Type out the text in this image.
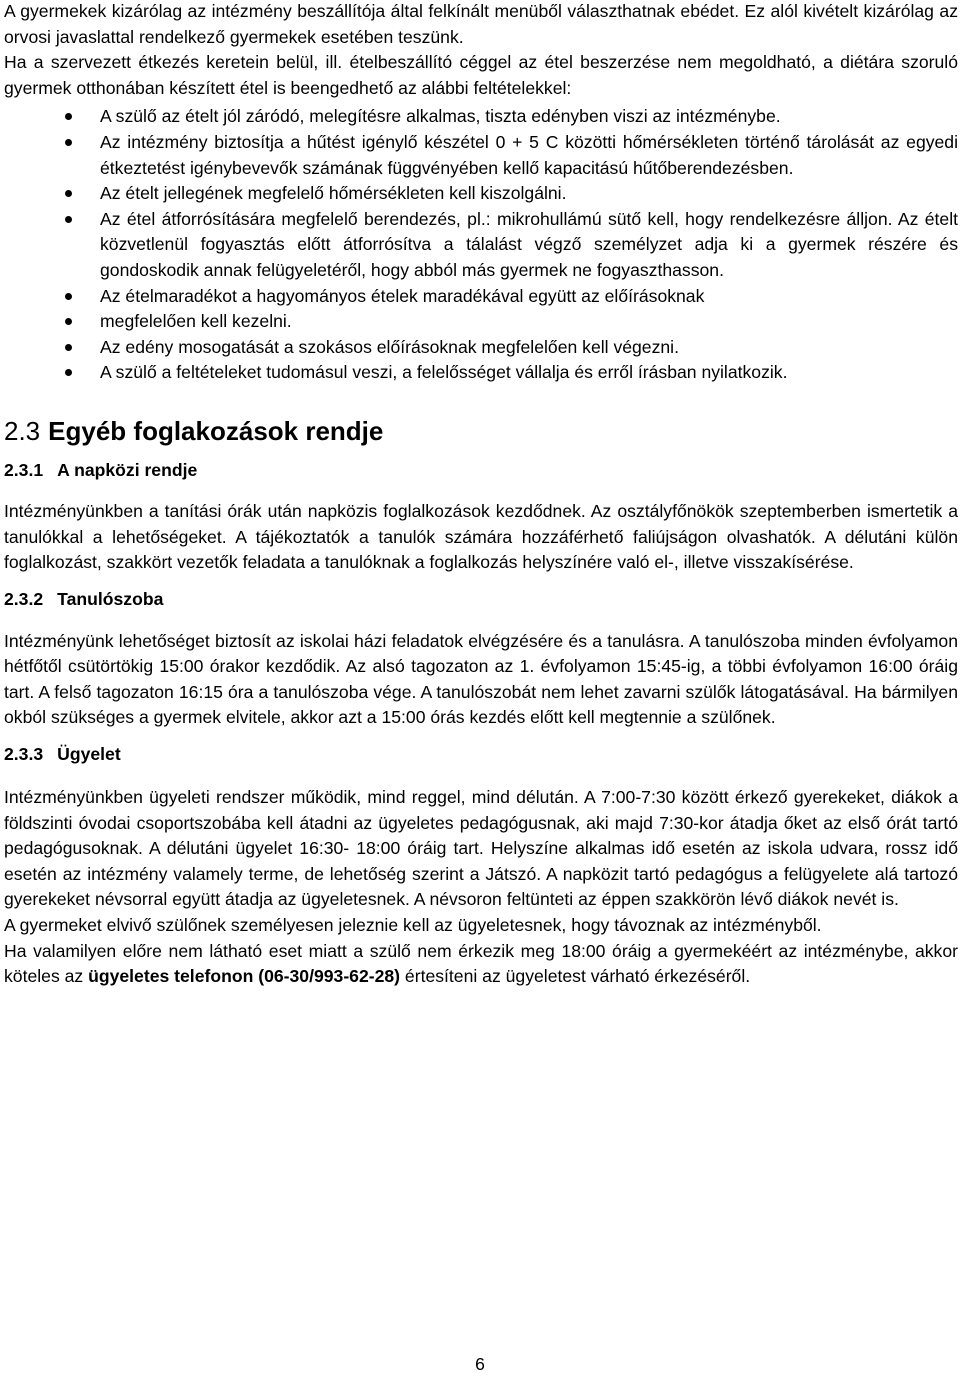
A gyermekek kizárólag az intézmény beszállítója által felkínált menüből választhatnak ebédet. Ez alól kivételt kizárólag az orvosi javaslattal rendelkező gyermekek esetében teszünk.

Ha a szervezett étkezés keretein belül, ill. ételbeszállító céggel az étel beszerzése nem megoldható, a diétára szoruló gyermek otthonában készített étel is beengedhető az alábbi feltételekkel:

A szülő az ételt jól záródó, melegítésre alkalmas, tiszta edényben viszi az intézménybe.
Az intézmény biztosítja a hűtést igénylő készétel 0 + 5 C közötti hőmérsékleten történő tárolását az egyedi étkeztetést igénybevevők számának függvényében kellő kapacitású hűtőberendezésben.
Az ételt jellegének megfelelő hőmérsékleten kell kiszolgálni.
Az étel átforrósítására megfelelő berendezés, pl.: mikrohullámú sütő kell, hogy rendelkezésre álljon. Az ételt közvetlenül fogyasztás előtt átforrósítva a tálalást végző személyzet adja ki a gyermek részére és gondoskodik annak felügyeletéről, hogy abból más gyermek ne fogyaszthasson.
Az ételmaradékot a hagyományos ételek maradékával együtt az előírásoknak
megfelelően kell kezelni.
Az edény mosogatását a szokásos előírásoknak megfelelően kell végezni.
A szülő a feltételeket tudomásul veszi, a felelősséget vállalja és erről írásban nyilatkozik.
2.3 Egyéb foglakozások rendje
2.3.1 A napközi rendje

Intézményünkben a tanítási órák után napközis foglalkozások kezdődnek. Az osztályfőnökök szeptemberben ismertetik a tanulókkal a lehetőségeket. A tájékoztatók a tanulók számára hozzáférhető faliújságon olvashatók. A délutáni külön foglalkozást, szakkört vezetők feladata a tanulóknak a foglalkozás helyszínére való el-, illetve visszakísérése.

2.3.2 Tanulószoba

Intézményünk lehetőséget biztosít az iskolai házi feladatok elvégzésére és a tanulásra. A tanulószoba minden évfolyamon hétfőtől csütörtökig 15:00 órakor kezdődik. Az alsó tagozaton az 1. évfolyamon 15:45-ig, a többi évfolyamon 16:00 óráig tart. A felső tagozaton 16:15 óra a tanulószoba vége. A tanulószobát nem lehet zavarni szülők látogatásával. Ha bármilyen okból szükséges a gyermek elvitele, akkor azt a 15:00 órás kezdés előtt kell megtennie a szülőnek.

2.3.3 Ügyelet

Intézményünkben ügyeleti rendszer működik, mind reggel, mind délután. A 7:00-7:30 között érkező gyerekeket, diákok a földszinti óvodai csoportszobába kell átadni az ügyeletes pedagógusnak, aki majd 7:30-kor átadja őket az első órát tartó pedagógusoknak. A délutáni ügyelet 16:30- 18:00 óráig tart. Helyszíne alkalmas idő esetén az iskola udvara, rossz idő esetén az intézmény valamely terme, de lehetőség szerint a Játszó. A napközit tartó pedagógus a felügyelete alá tartozó gyerekeket névsorral együtt átadja az ügyeletesnek. A névsoron feltünteti az éppen szakkörön lévő diákok nevét is.

A gyermeket elvivő szülőnek személyesen jeleznie kell az ügyeletesnek, hogy távoznak az intézményből.

Ha valamilyen előre nem látható eset miatt a szülő nem érkezik meg 18:00 óráig a gyermekéért az intézménybe, akkor köteles az ügyeletes telefonon (06-30/993-62-28) értesíteni az ügyeletest várható érkezéséről.

6
